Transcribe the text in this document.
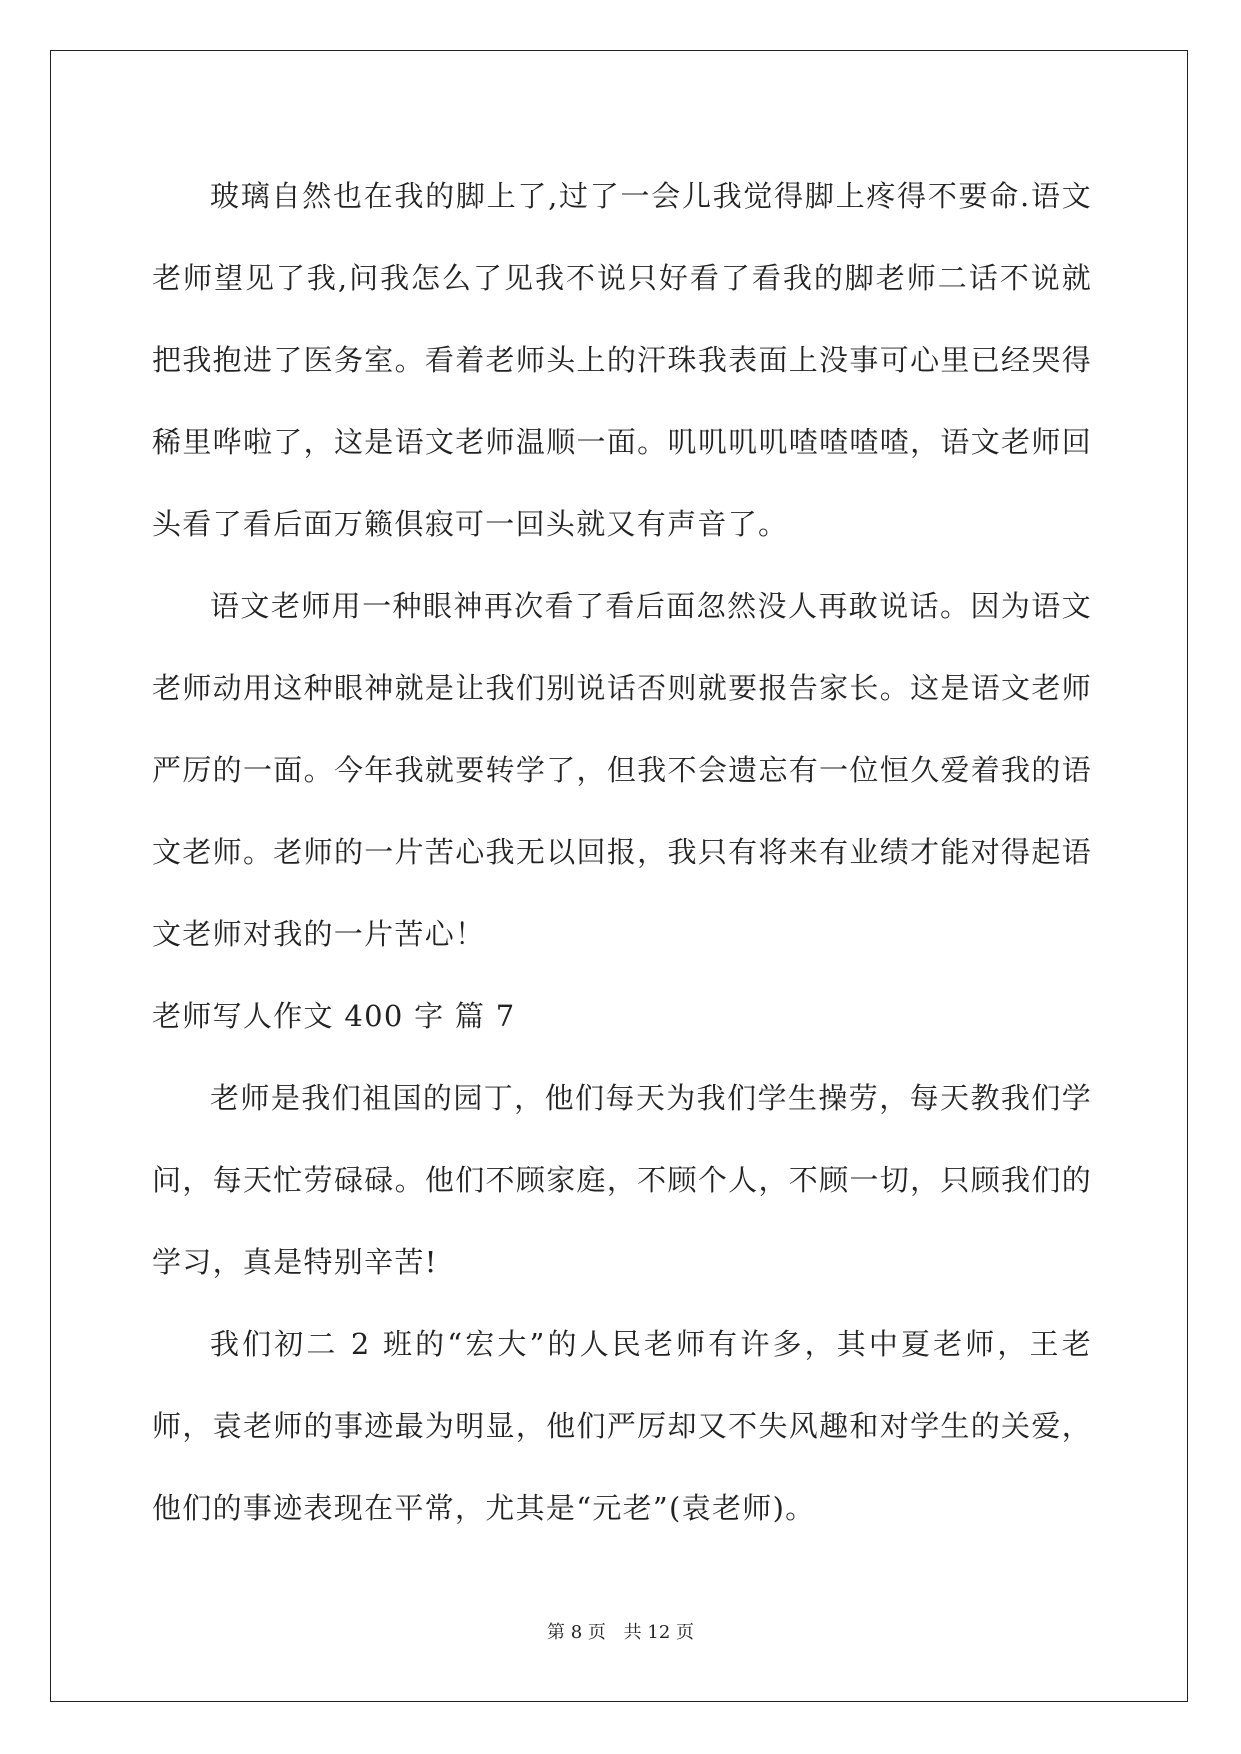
玻璃自然也在我的脚上了,过了一会儿我觉得脚上疼得不要命.语文老师望见了我,问我怎么了见我不说只好看了看我的脚老师二话不说就把我抱进了医务室。看着老师头上的汗珠我表面上没事可心里已经哭得稀里哗啦了，这是语文老师温顺一面。叽叽叽叽喳喳喳喳，语文老师回头看了看后面万籁俱寂可一回头就又有声音了。

语文老师用一种眼神再次看了看后面忽然没人再敢说话。因为语文老师动用这种眼神就是让我们别说话否则就要报告家长。这是语文老师严厉的一面。今年我就要转学了，但我不会遗忘有一位恒久爱着我的语文老师。老师的一片苦心我无以回报，我只有将来有业绩才能对得起语文老师对我的一片苦心！

老师写人作文 400 字 篇 7

老师是我们祖国的园丁，他们每天为我们学生操劳，每天教我们学问，每天忙劳碌碌。他们不顾家庭，不顾个人，不顾一切，只顾我们的学习，真是特别辛苦!

我们初二 2 班的“宏大”的人民老师有许多，其中夏老师，王老师，袁老师的事迹最为明显，他们严厉却又不失风趣和对学生的关爱，他们的事迹表现在平常，尤其是“元老”(袁老师)。

第 8 页 共 12 页
